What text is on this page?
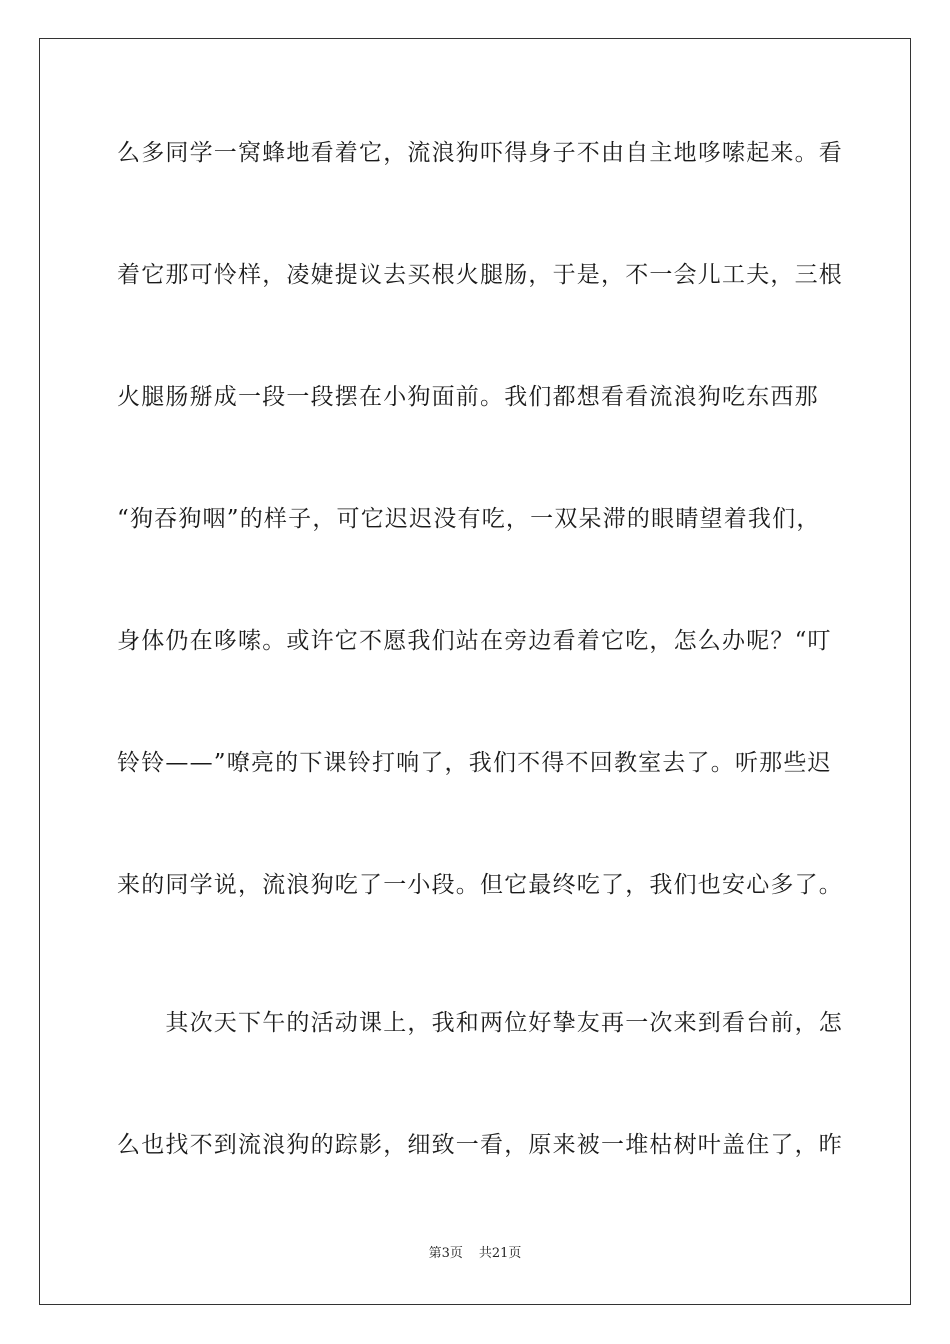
么多同学一窝蜂地看着它，流浪狗吓得身子不由自主地哆嗦起来。看
着它那可怜样，凌婕提议去买根火腿肠，于是，不一会儿工夫，三根
火腿肠掰成一段一段摆在小狗面前。我们都想看看流浪狗吃东西那
“狗吞狗咽”的样子，可它迟迟没有吃，一双呆滞的眼睛望着我们，
身体仍在哆嗦。或许它不愿我们站在旁边看着它吃，怎么办呢？“叮
铃铃——”嘹亮的下课铃打响了，我们不得不回教室去了。听那些迟
来的同学说，流浪狗吃了一小段。但它最终吃了，我们也安心多了。
　　其次天下午的活动课上，我和两位好挚友再一次来到看台前，怎
么也找不到流浪狗的踪影，细致一看，原来被一堆枯树叶盖住了，昨
第3页 共21页
